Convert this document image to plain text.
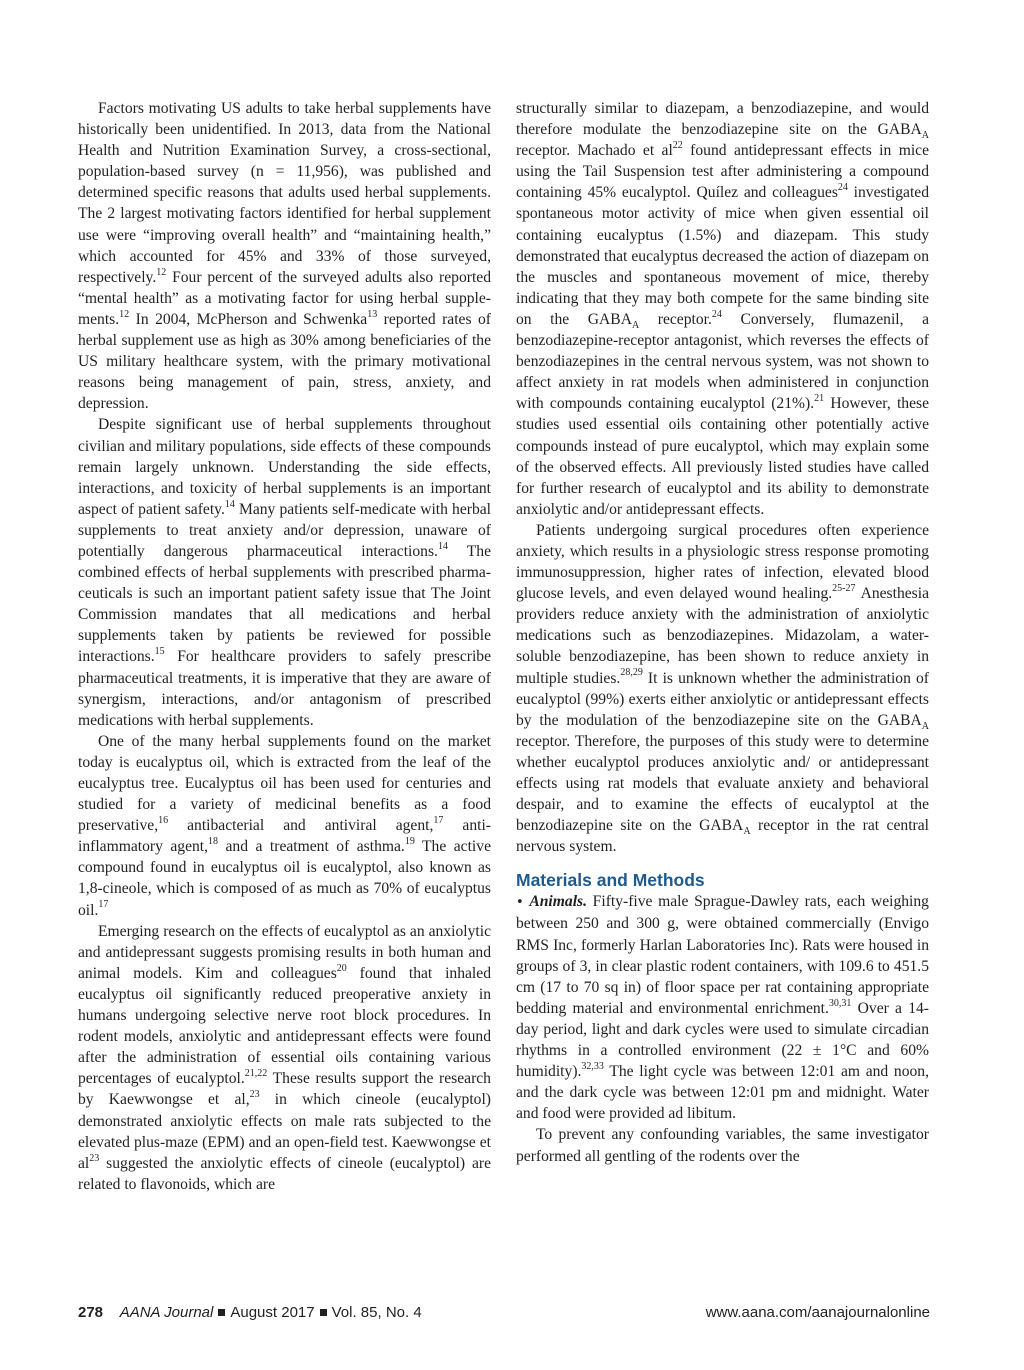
Factors motivating US adults to take herbal supplements have historically been unidentified. In 2013, data from the National Health and Nutrition Examination Survey, a cross-sectional, population-based survey (n = 11,956), was published and determined specific reasons that adults used herbal supplements. The 2 largest motivating factors identified for herbal supplement use were “improving overall health” and “maintaining health,” which accounted for 45% and 33% of those surveyed, respectively.$^{12}$ Four percent of the surveyed adults also reported “mental health” as a motivating factor for using herbal supplements.$^{12}$ In 2004, McPherson and Schwenka$^{13}$ reported rates of herbal supplement use as high as 30% among beneficiaries of the US military healthcare system, with the primary motivational reasons being management of pain, stress, anxiety, and depression.

Despite significant use of herbal supplements throughout civilian and military populations, side effects of these compounds remain largely unknown. Understanding the side effects, interactions, and toxicity of herbal supplements is an important aspect of patient safety.$^{14}$ Many patients self-medicate with herbal supplements to treat anxiety and/or depression, unaware of potentially dangerous pharmaceutical interactions.$^{14}$ The combined effects of herbal supplements with prescribed pharmaceuticals is such an important patient safety issue that The Joint Commission mandates that all medications and herbal supplements taken by patients be reviewed for possible interactions.$^{15}$ For healthcare providers to safely prescribe pharmaceutical treatments, it is imperative that they are aware of synergism, interactions, and/or antagonism of prescribed medications with herbal supplements.

One of the many herbal supplements found on the market today is eucalyptus oil, which is extracted from the leaf of the eucalyptus tree. Eucalyptus oil has been used for centuries and studied for a variety of medicinal benefits as a food preservative,$^{16}$ antibacterial and antiviral agent,$^{17}$ anti-inflammatory agent,$^{18}$ and a treatment of asthma.$^{19}$ The active compound found in eucalyptus oil is eucalyptol, also known as 1,8-cineole, which is composed of as much as 70% of eucalyptus oil.$^{17}$

Emerging research on the effects of eucalyptol as an anxiolytic and antidepressant suggests promising results in both human and animal models. Kim and colleagues$^{20}$ found that inhaled eucalyptus oil significantly reduced preoperative anxiety in humans undergoing selective nerve root block procedures. In rodent models, anxiolytic and antidepressant effects were found after the administration of essential oils containing various percentages of eucalyptol.$^{21,22}$ These results support the research by Kaewwongse et al,$^{23}$ in which cineole (eucalyptol) demonstrated anxiolytic effects on male rats subjected to the elevated plus-maze (EPM) and an open-field test. Kaewwongse et $al^{23}$ suggested the anxiolytic effects of cineole (eucalyptol) are related to flavonoids, which are

structurally similar to diazepam, a benzodiazepine, and would therefore modulate the benzodiazepine site on the $GABA_A$ receptor. Machado et $al^{22}$ found antidepressant effects in mice using the Tail Suspension test after administering a compound containing 45% eucalyptol. Quílez and colleagues$^{24}$ investigated spontaneous motor activity of mice when given essential oil containing eucalyptus (1.5%) and diazepam. This study demonstrated that eucalyptus decreased the action of diazepam on the muscles and spontaneous movement of mice, thereby indicating that they may both compete for the same binding site on the $GABA_A$ receptor.$^{24}$ Conversely, flumazenil, a benzodiazepine-receptor antagonist, which reverses the effects of benzodiazepines in the central nervous system, was not shown to affect anxiety in rat models when administered in conjunction with compounds containing eucalyptol (21%).$^{21}$ However, these studies used essential oils containing other potentially active compounds instead of pure eucalyptol, which may explain some of the observed effects. All previously listed studies have called for further research of eucalyptol and its ability to demonstrate anxiolytic and/or antidepressant effects.

Patients undergoing surgical procedures often experience anxiety, which results in a physiologic stress response promoting immunosuppression, higher rates of infection, elevated blood glucose levels, and even delayed wound healing.$^{25-27}$ Anesthesia providers reduce anxiety with the administration of anxiolytic medications such as benzodiazepines. Midazolam, a water-soluble benzodiazepine, has been shown to reduce anxiety in multiple studies.$^{28,29}$ It is unknown whether the administration of eucalyptol (99%) exerts either anxiolytic or antidepressant effects by the modulation of the benzodiazepine site on the $GABA_A$ receptor. Therefore, the purposes of this study were to determine whether eucalyptol produces anxiolytic and/ or antidepressant effects using rat models that evaluate anxiety and behavioral despair, and to examine the effects of eucalyptol at the benzodiazepine site on the $GABA_A$ receptor in the rat central nervous system.

Materials and Methods

• Animals. Fifty-five male Sprague-Dawley rats, each weighing between 250 and 300 g, were obtained commercially (Envigo RMS Inc, formerly Harlan Laboratories Inc). Rats were housed in groups of 3, in clear plastic rodent containers, with 109.6 to 451.5 cm (17 to 70 sq in) of floor space per rat containing appropriate bedding material and environmental enrichment.$^{30,31}$ Over a 14-day period, light and dark cycles were used to simulate circadian rhythms in a controlled environment (22 ± 1°C and 60% humidity).$^{32,33}$ The light cycle was between 12:01 am and noon, and the dark cycle was between 12:01 pm and midnight. Water and food were provided ad libitum.

To prevent any confounding variables, the same investigator performed all gentling of the rodents over the

278 AANA Journal August 2017 Vol. 85, No. 4	www.aana.com/aanajournalonline
